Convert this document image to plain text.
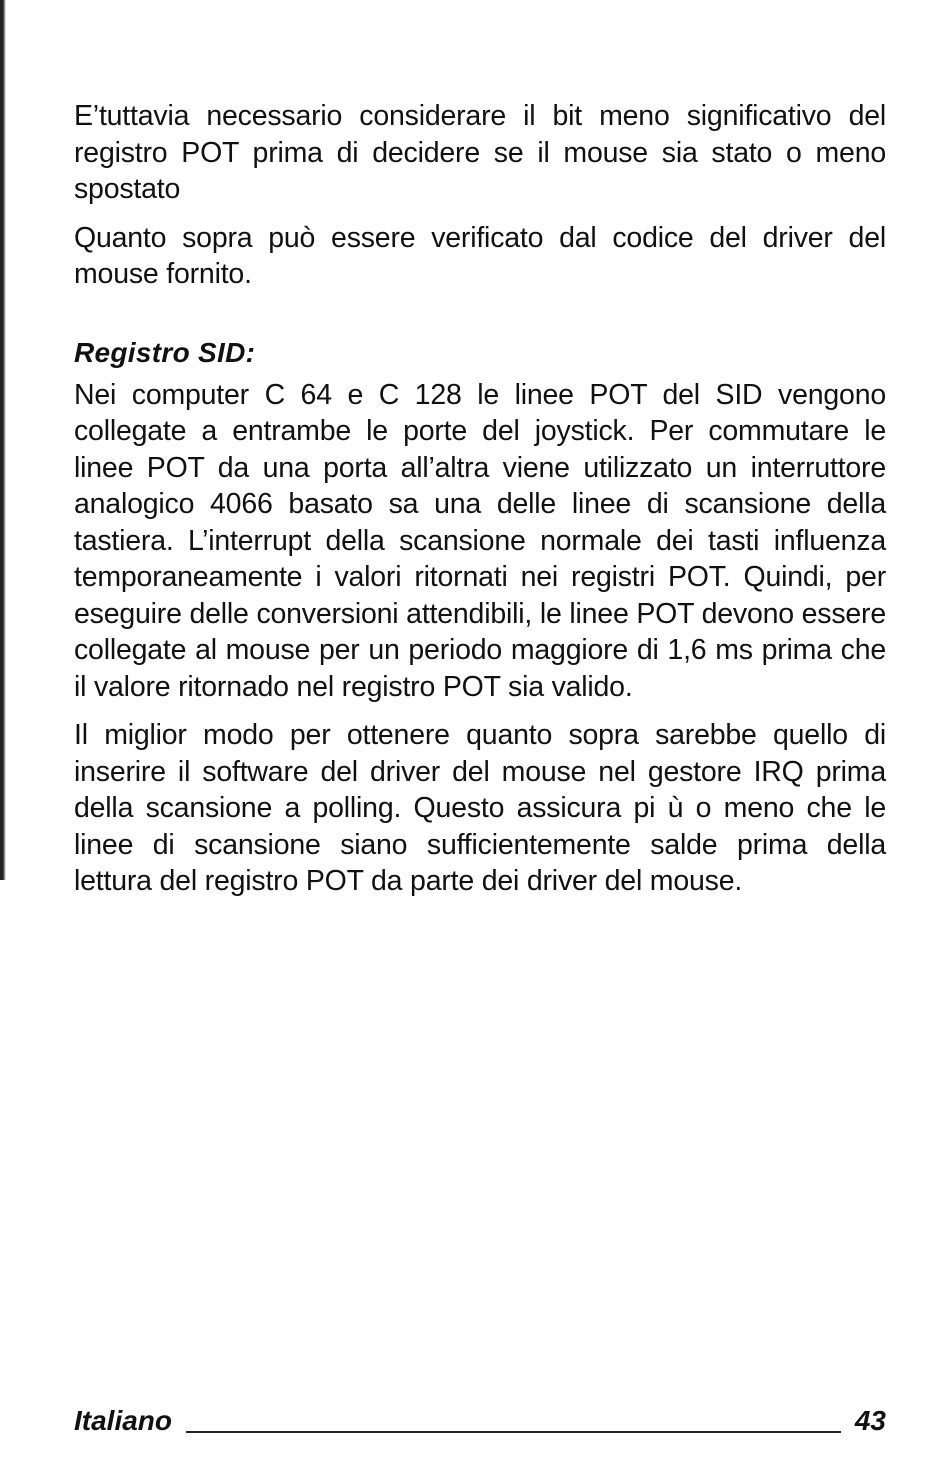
E’tuttavia necessario considerare il bit meno significativo del registro POT prima di decidere se il mouse sia stato o meno spostato

Quanto sopra può essere verificato dal codice del driver del mouse fornito.

Registro SID:

Nei computer C 64 e C 128 le linee POT del SID vengono collegate a entrambe le porte del joystick. Per commutare le linee POT da una porta all’altra viene utilizzato un interruttore analogico 4066 basato sa una delle linee di scansione della tastiera. L’interrupt della scansione normale dei tasti influenza temporaneamente i valori ritornati nei registri POT. Quindi, per eseguire delle conversioni attendibili, le linee POT devono essere collegate al mouse per un periodo maggiore di 1,6 ms prima che il valore ritornado nel registro POT sia valido.

Il miglior modo per ottenere quanto sopra sarebbe quello di inserire il software del driver del mouse nel gestore IRQ prima della scansione a polling. Questo assicura pi ù o meno che le linee di scansione siano sufficientemente salde prima della lettura del registro POT da parte dei driver del mouse.

Italiano	43
